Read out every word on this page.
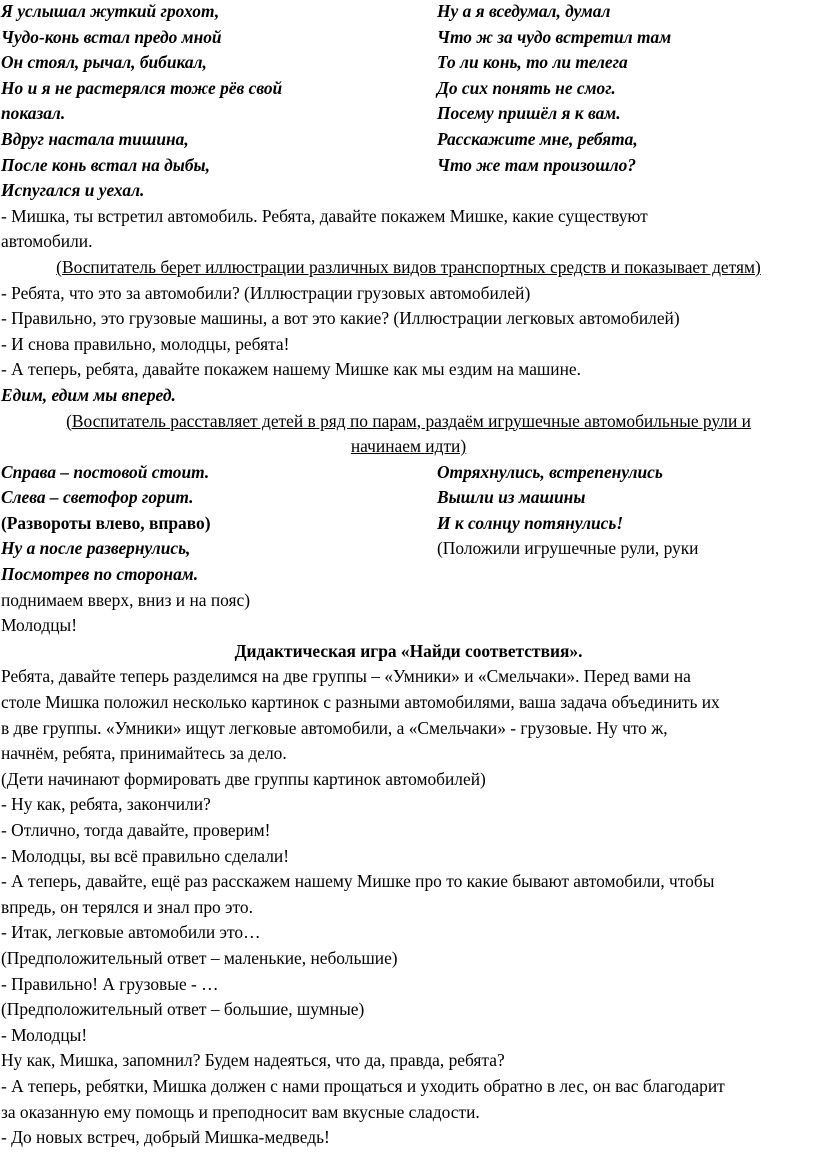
Я услышал жуткий грохот,
Чудо-конь встал предо мной
Он стоял, рычал, бибикал,
Но и я не растерялся тоже рёв свой
показал.
Вдруг настала тишина,
После конь встал на дыбы,
Испугался и уехал.
Ну а я вседумал, думал
Что ж за чудо встретил там
То ли конь, то ли телега
До сих понять не смог.
Посему пришёл я к вам.
Расскажите мне, ребята,
Что же там произошло?
- Мишка, ты встретил автомобиль. Ребята, давайте покажем Мишке, какие существуют
автомобили.
(Воспитатель берет иллюстрации различных видов транспортных средств и показывает детям)
- Ребята, что это за автомобили? (Иллюстрации грузовых автомобилей)
- Правильно, это грузовые машины, а вот это какие? (Иллюстрации легковых автомобилей)
- И снова правильно, молодцы, ребята!
- А теперь, ребята, давайте покажем нашему Мишке как мы ездим на машине.
Едим, едим мы вперед.
(Воспитатель расставляет детей в ряд по парам, раздаём игрушечные автомобильные рули и
начинаем идти)
Справа – постовой стоит.
Слева – светофор горит.
(Развороты влево, вправо)
Ну а после развернулись,
Посмотрев по сторонам.
Отряхнулись, встрепенулись
Вышли из машины
И к солнцу потянулись!
(Положили игрушечные рули, руки
поднимаем вверх, вниз и на пояс)
Молодцы!
Дидактическая игра «Найди соответствия».
Ребята, давайте теперь разделимся на две группы – «Умники» и «Смельчаки». Перед вами на
столе Мишка положил несколько картинок с разными автомобилями, ваша задача объединить их
в две группы. «Умники» ищут легковые автомобили, а «Смельчаки» - грузовые. Ну что ж,
начнём, ребята, принимайтесь за дело.
(Дети начинают формировать две группы картинок автомобилей)
- Ну как, ребята, закончили?
- Отлично, тогда давайте, проверим!
- Молодцы, вы всё правильно сделали!
- А теперь, давайте, ещё раз расскажем нашему Мишке про то какие бывают автомобили, чтобы
впредь, он терялся и знал про это.
- Итак, легковые автомобили это…
(Предположительный ответ – маленькие, небольшие)
- Правильно! А грузовые - …
(Предположительный ответ – большие, шумные)
- Молодцы!
Ну как, Мишка, запомнил? Будем надеяться, что да, правда, ребята?
- А теперь, ребятки, Мишка должен с нами прощаться и уходить обратно в лес, он вас благодарит
за оказанную ему помощь и преподносит вам вкусные сладости.
- До новых встреч, добрый Мишка-медведь!
